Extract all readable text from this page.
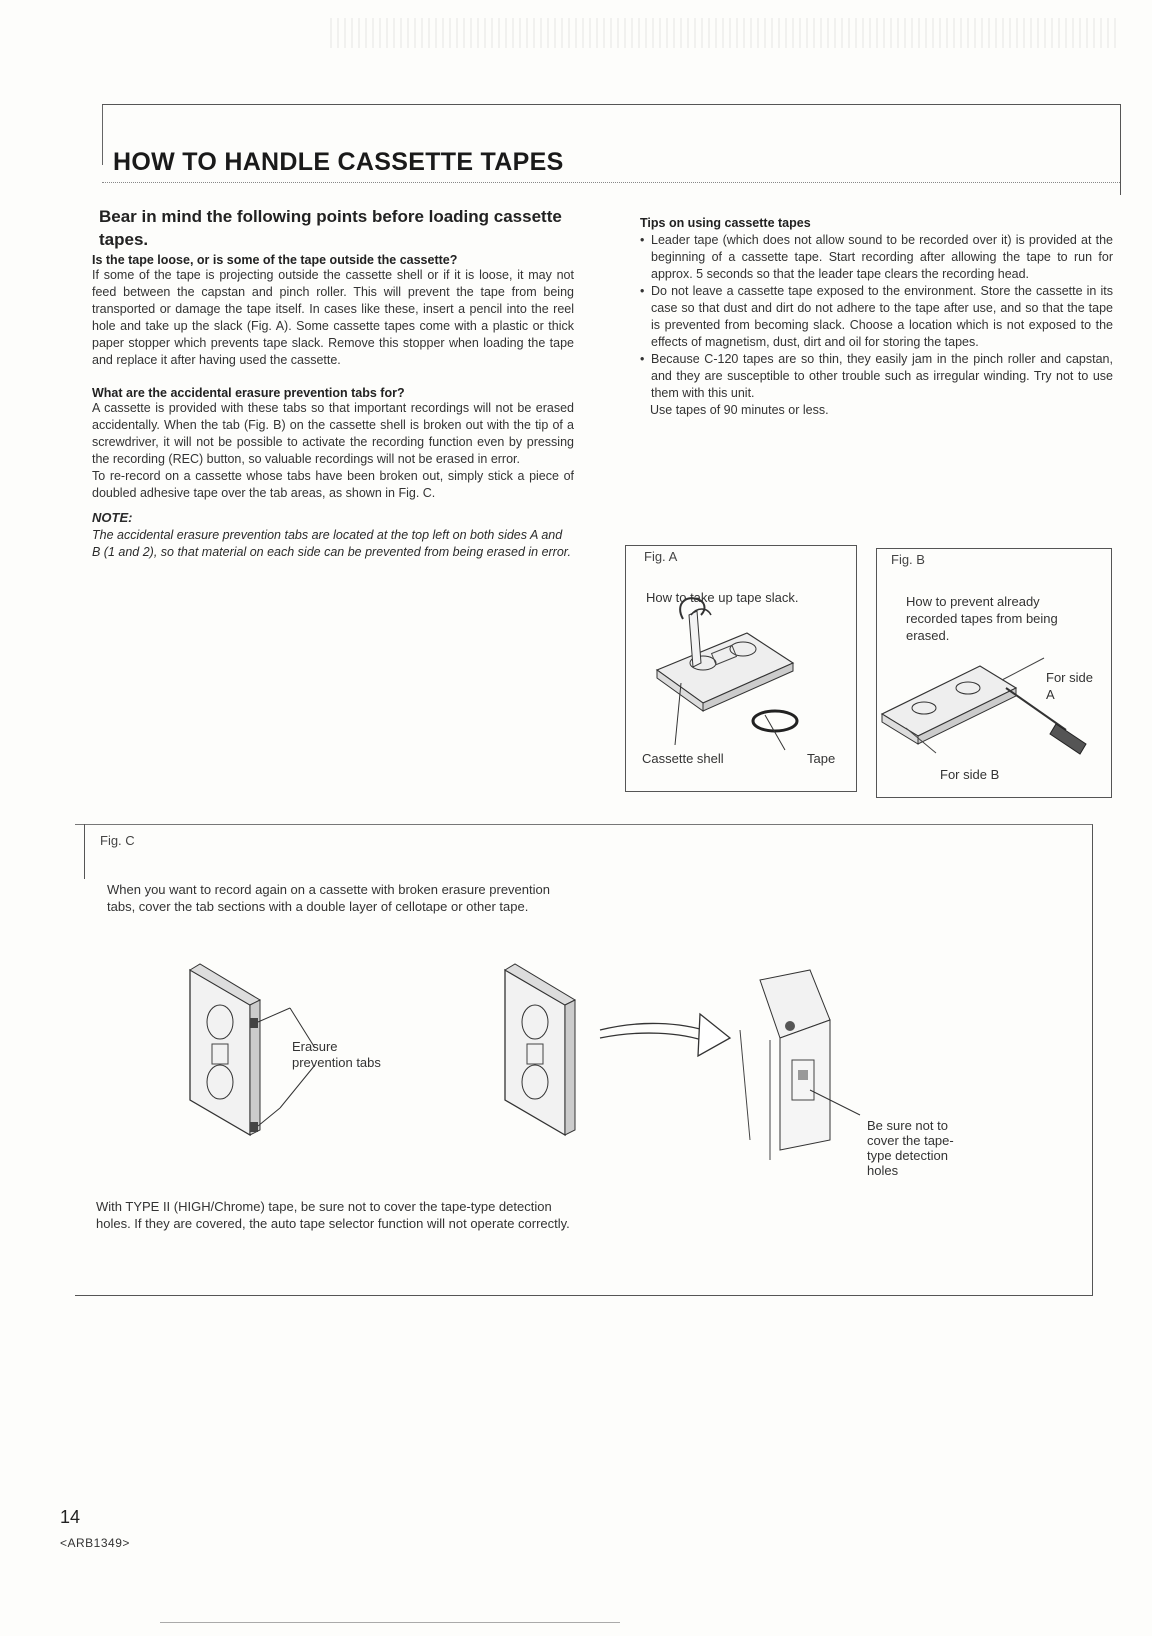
HOW TO HANDLE CASSETTE TAPES
Bear in mind the following points before loading cassette tapes.

Is the tape loose, or is some of the tape outside the cassette?

If some of the tape is projecting outside the cassette shell or if it is loose, it may not feed between the capstan and pinch roller. This will prevent the tape from being transported or damage the tape itself. In cases like these, insert a pencil into the reel hole and take up the slack (Fig. A). Some cassette tapes come with a plastic or thick paper stopper which prevents tape slack. Remove this stopper when loading the tape and replace it after having used the cassette.

What are the accidental erasure prevention tabs for?

A cassette is provided with these tabs so that important recordings will not be erased accidentally. When the tab (Fig. B) on the cassette shell is broken out with the tip of a screwdriver, it will not be possible to activate the recording function even by pressing the recording (REC) button, so valuable recordings will not be erased in error.

To re-record on a cassette whose tabs have been broken out, simply stick a piece of doubled adhesive tape over the tab areas, as shown in Fig. C.

NOTE:

The accidental erasure prevention tabs are located at the top left on both sides A and B (1 and 2), so that material on each side can be prevented from being erased in error.

Tips on using cassette tapes

• Leader tape (which does not allow sound to be recorded over it) is provided at the beginning of a cassette tape. Start recording after allowing the tape to run for approx. 5 seconds so that the leader tape clears the recording head.
• Do not leave a cassette tape exposed to the environment. Store the cassette in its case so that dust and dirt do not adhere to the tape after use, and so that the tape is prevented from becoming slack. Choose a location which is not exposed to the effects of magnetism, dust, dirt and oil for storing the tapes.
• Because C-120 tapes are so thin, they easily jam in the pinch roller and capstan, and they are susceptible to other trouble such as irregular winding. Try not to use them with this unit.

Use tapes of 90 minutes or less.

Fig. A
How to take up tape slack.
Cassette shell	Tape
Fig. B
How to prevent already recorded tapes from being erased.
For side A
For side B
Fig. C
When you want to record again on a cassette with broken erasure prevention tabs, cover the tab sections with a double layer of cellotape or other tape.
Erasure prevention tabs
Be sure not to cover the tape-type detection holes
With TYPE II (HIGH/Chrome) tape, be sure not to cover the tape-type detection holes. If they are covered, the auto tape selector function will not operate correctly.
14
<ARB1349>
